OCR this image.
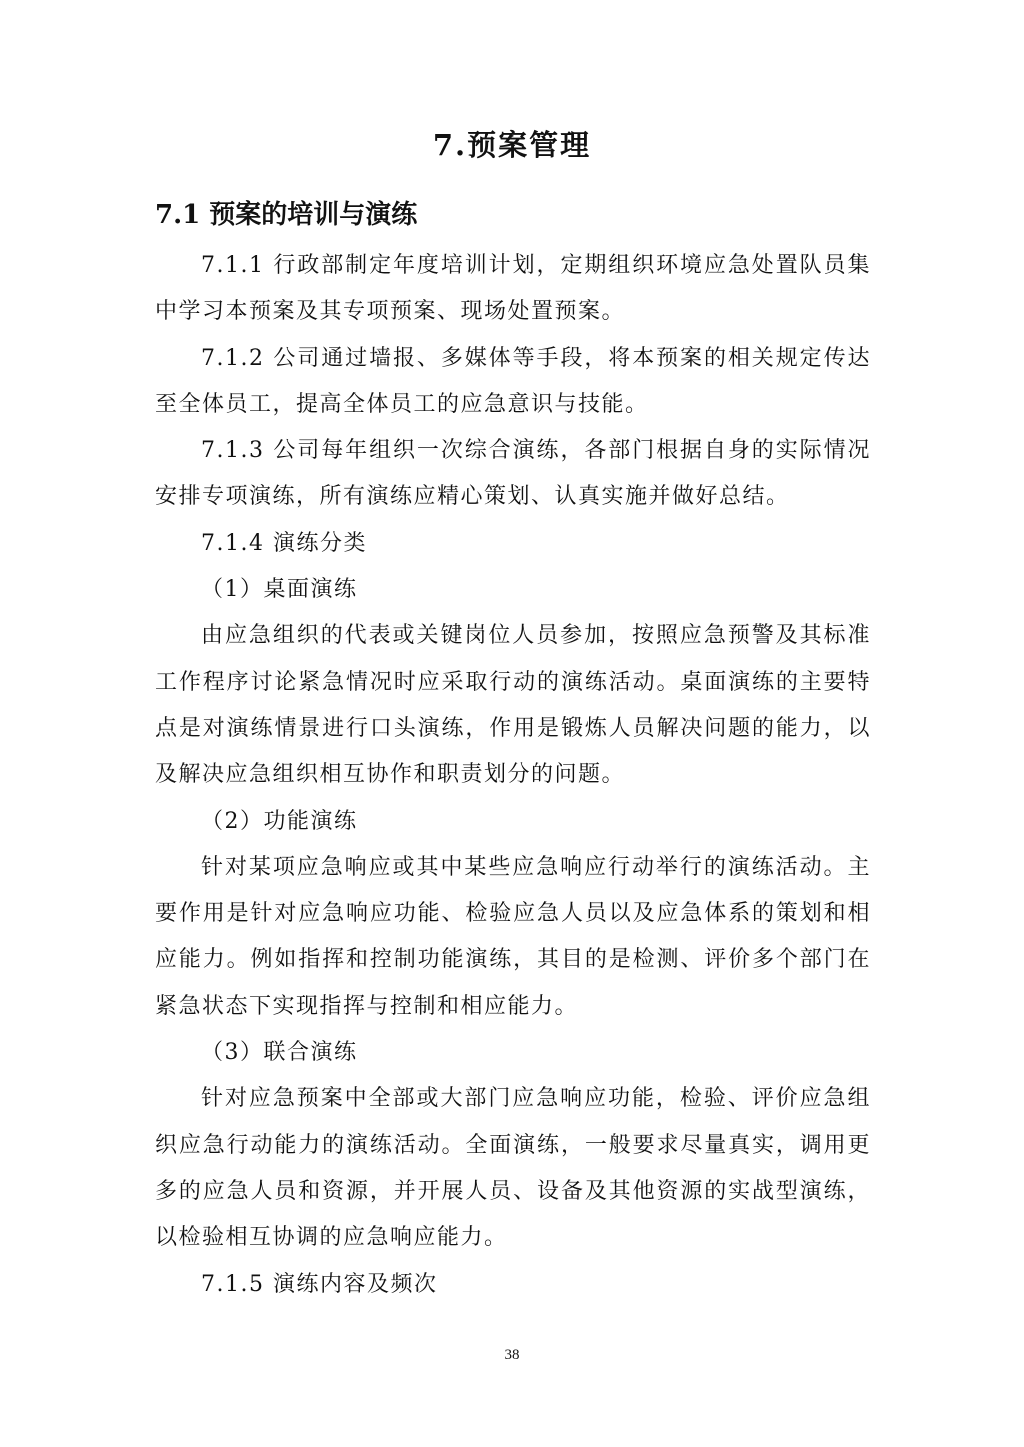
7.预案管理
7.1 预案的培训与演练

7.1.1 行政部制定年度培训计划，定期组织环境应急处置队员集中学习本预案及其专项预案、现场处置预案。

7.1.2 公司通过墙报、多媒体等手段，将本预案的相关规定传达至全体员工，提高全体员工的应急意识与技能。

7.1.3 公司每年组织一次综合演练，各部门根据自身的实际情况安排专项演练，所有演练应精心策划、认真实施并做好总结。

7.1.4 演练分类

（1）桌面演练

由应急组织的代表或关键岗位人员参加，按照应急预警及其标准工作程序讨论紧急情况时应采取行动的演练活动。桌面演练的主要特点是对演练情景进行口头演练，作用是锻炼人员解决问题的能力，以及解决应急组织相互协作和职责划分的问题。

（2）功能演练

针对某项应急响应或其中某些应急响应行动举行的演练活动。主要作用是针对应急响应功能、检验应急人员以及应急体系的策划和相应能力。例如指挥和控制功能演练，其目的是检测、评价多个部门在紧急状态下实现指挥与控制和相应能力。

（3）联合演练

针对应急预案中全部或大部门应急响应功能，检验、评价应急组织应急行动能力的演练活动。全面演练，一般要求尽量真实，调用更多的应急人员和资源，并开展人员、设备及其他资源的实战型演练，以检验相互协调的应急响应能力。

7.1.5 演练内容及频次

38
